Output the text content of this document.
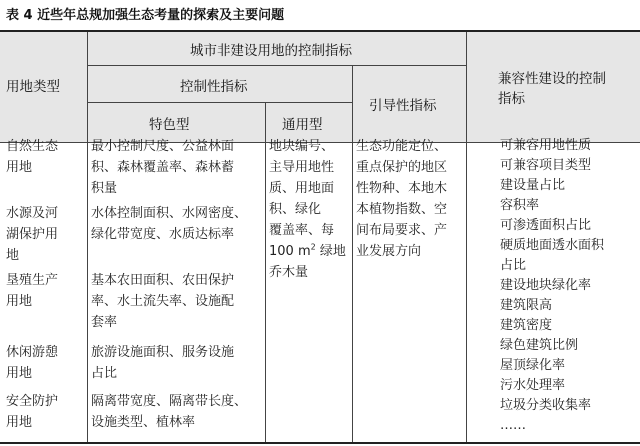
表 4 近些年总规加强生态考量的探索及主要问题
用地类型
城市非建设用地的控制指标
控制性指标
特色型	通用型
引导性指标
兼容性建设的控制
指标
自然生态
用地
水源及河
湖保护用
地
垦殖生产
用地
休闲游憩
用地
安全防护
用地
最小控制尺度、公益林面
积、森林覆盖率、森林蓄
积量
水体控制面积、水网密度、
绿化带宽度、水质达标率
基本农田面积、农田保护
率、水土流失率、设施配
套率
旅游设施面积、服务设施
占比
隔离带宽度、隔离带长度、
设施类型、植林率
地块编号、
主导用地性
质、用地面
积、绿化
覆盖率、每
100 $m^2$ 绿地
乔木量
生态功能定位、
重点保护的地区
性物种、本地木
本植物指数、空
间布局要求、产
业发展方向
可兼容用地性质
可兼容项目类型
建设量占比
容积率
可渗透面积占比
硬质地面透水面积
占比
建设地块绿化率
建筑限高
建筑密度
绿色建筑比例
屋顶绿化率
污水处理率
垃圾分类收集率
……
